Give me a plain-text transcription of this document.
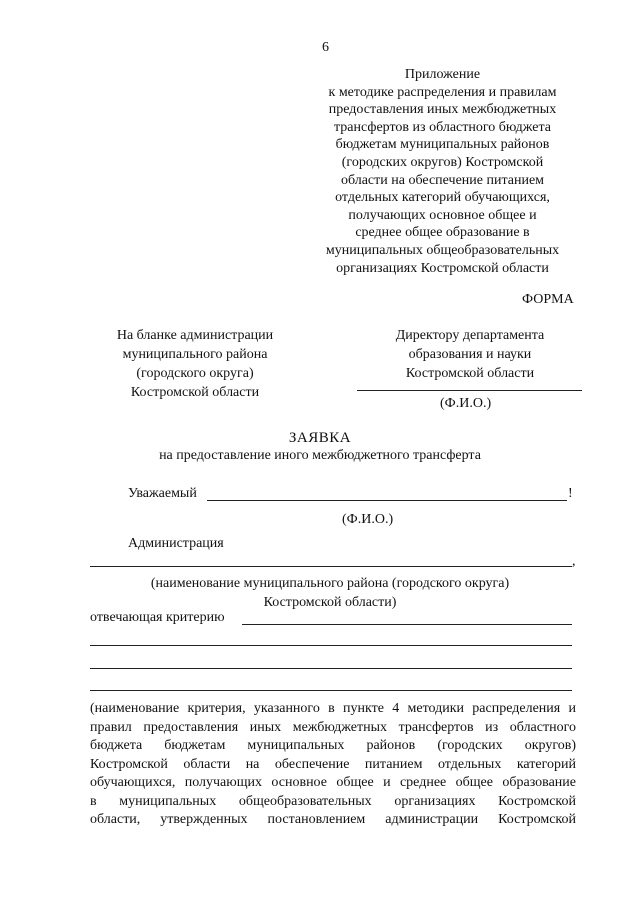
6
Приложение
к методике распределения и правилам
предоставления иных межбюджетных
трансфертов из областного бюджета
бюджетам муниципальных районов
(городских округов) Костромской
области на обеспечение питанием
отдельных категорий обучающихся,
получающих основное общее и
среднее общее образование в
муниципальных общеобразовательных
организациях Костромской области
ФОРМА
На бланке администрации
муниципального района
(городского округа)
Костромской области
Директору департамента
образования и науки
Костромской области
(Ф.И.О.)
ЗАЯВКА
на предоставление иного межбюджетного трансферта
Уважаемый	!
(Ф.И.О.)
Администрация
,
(наименование муниципального района (городского округа)
Костромской области)
отвечающая критерию
(наименование критерия, указанного в пункте 4 методики распределения и
правил предоставления иных межбюджетных трансфертов из областного
бюджета бюджетам муниципальных районов (городских округов)
Костромской области на обеспечение питанием отдельных категорий
обучающихся, получающих основное общее и среднее общее образование
в муниципальных общеобразовательных организациях Костромской
области, утвержденных постановлением администрации Костромской
